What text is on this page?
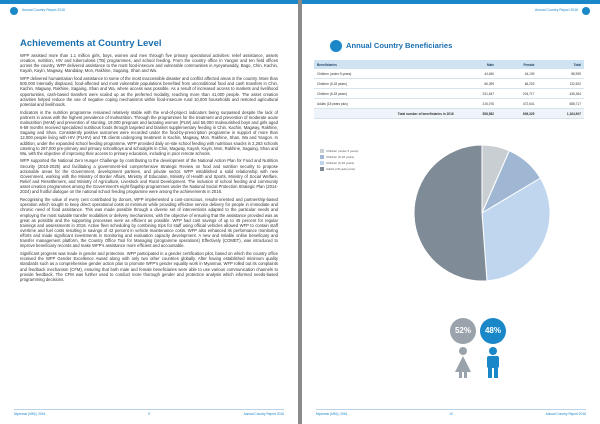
Annual Country Report 2016
Achievements at Country Level

WFP assisted more than 1.1 million girls, boys, women and men through five primary operational activities: relief assistance, assets creation, nutrition, HIV and tuberculosis (TB) programmes, and school feeding. From the country office in Yangon and ten field offices across the country, WFP delivered assistance to the most food-insecure and vulnerable communities in Ayeyarwaddy, Bago, Chin, Kachin, Kayah, Kayin, Magway, Mandalay, Mon, Rakhine, Sagaing, Shan and Wa.

WFP delivered humanitarian food assistance to some of the most inaccessible disaster and conflict affected areas in the country. More than 500,000 internally displaced, food-affected and most vulnerable populations benefited from unconditional food and cash transfers in Chin, Kachin, Magway, Rakhine, Sagaing, Shan and Wa, where access was possible. As a result of increased access to markets and livelihood opportunities, cash-based transfers were scaled up as the preferred modality, reaching more than 41,000 people. The asset creation activities helped reduce the use of negative coping mechanisms within food-insecure rural 10,000 households and restored agricultural potential and livelihoods.

Indicators in the nutrition programme remained relatively stable with the end-of-project indicators being surpassed despite the lack of partners in areas with the highest prevalence of malnutrition. Through the programmes for the treatment and prevention of moderate acute malnutrition (MAM) and prevention of stunting, 19,000 pregnant and lactating women (PLW) and 56,000 malnourished boys and girls aged 6-59 months received specialized nutritious foods through targeted and blanket supplementary feeding in Chin, Kachin, Magway, Rakhine, Sagaing and Shan. Consistently positive outcomes were recorded under the food-by-prescription programme in support of more than 12,000 people living with HIV (PLHIV) and TB clients undergoing treatment in Kachin, Magway, Mon, Rakhine, Shan, Wa and Yangon. In addition, under the expanded school feeding programme, WFP provided daily on-site school feeding with nutritious snacks in 2,263 schools catering to 287,000 pre-primary and primary schoolboys and schoolgirls in Chin, Magway, Kayah, Kayin, Mon, Rakhine, Sagaing, Shan and Wa, with the objective of improving their access to primary education, including in poor remote schools.

WFP supported the National Zero Hunger Challenge by contributing to the development of the National Action Plan for Food and Nutrition Security (2016-2025) and facilitating a government-led comprehensive Strategic Review on food and nutrition security to propose actionable areas for the Government, development partners, and private sector. WFP established a solid relationship with new Government, working with the Ministry of Border Affairs, Ministry of Education, Ministry of Health and Sports, Ministry of Social Welfare, Relief and Resettlement, and Ministry of Agriculture, Livestock and Rural Development. The inclusion of school feeding and community asset creation programmes among the Government's eight flagship programmes under the National Social Protection Strategic Plan (2014-2024) and fruitful dialogue on the national school feeding programme were among the achievements in 2016.

Recognising the value of every cent contributed by donors, WFP implemented a cost-conscious, results-oriented and partnership-based operation which sought to keep direct operational costs at minimum while providing effective service delivery for people in immediate and chronic need of food assistance. This was made possible through a diverse set of interventions adapted to the particular needs and employing the most suitable transfer modalities or delivery mechanisms, with the objective of ensuring that the assistance provided was as great as possible and the supporting processes were as efficient as possible. WFP had cost savings of up to 45 percent for regular trainings and assessments in 2016. Active fleet scheduling by combining trips for staff using official vehicles allowed WFP to contain staff overtime and fuel costs resulting in savings of 42 percent in vehicle maintenance costs. WFP also enhanced its performance monitoring efforts and made significant investments in monitoring and evaluation capacity development. A new and reliable online beneficiary and transfer management platform, the Country Office Tool for Managing (programme operations) Effectively (COMET), was introduced to improve beneficiary records and make WFP's assistance more efficient and accountable.

Significant progress was made in gender and protection. WFP participated in a gender certification pilot, based on which the country office received the WFP Gender Excellence Award along with only two other countries globally. After having established minimum quality standards such as a comprehensive gender action plan to promote WFP's gender equality work in Myanmar, WFP rolled out its complaints and feedback mechanism (CFM), ensuring that both male and female beneficiaries were able to use various communication channels to provide feedback. The CFM was further used to conduct more thorough gender and protection analysis which informed needs-based programming decisions.

Myanmar (MM) | 2016	9	Annual Country Report 2016
Annual Country Report 2016
Myanmar (MM) | 2016	10	Annual Country Report 2016
Annual Country Beneficiaries
Beneficiaries	Male	Female	Total
Children (under 5 years)	44,460	44,139	88,599
Children (5-18 years)	66,399	66,203	132,602
Children (6-18 years)	231,647	204,717	436,364
Adults (18 years plus)	216,076	472,641	688,717
Total number of beneficiaries in 2016	558,582	606,325	1,164,907
Children (under 5 years)
Children (5-18 years)
Children (6-18 years)
Adults (18 years plus)
52%	48%
